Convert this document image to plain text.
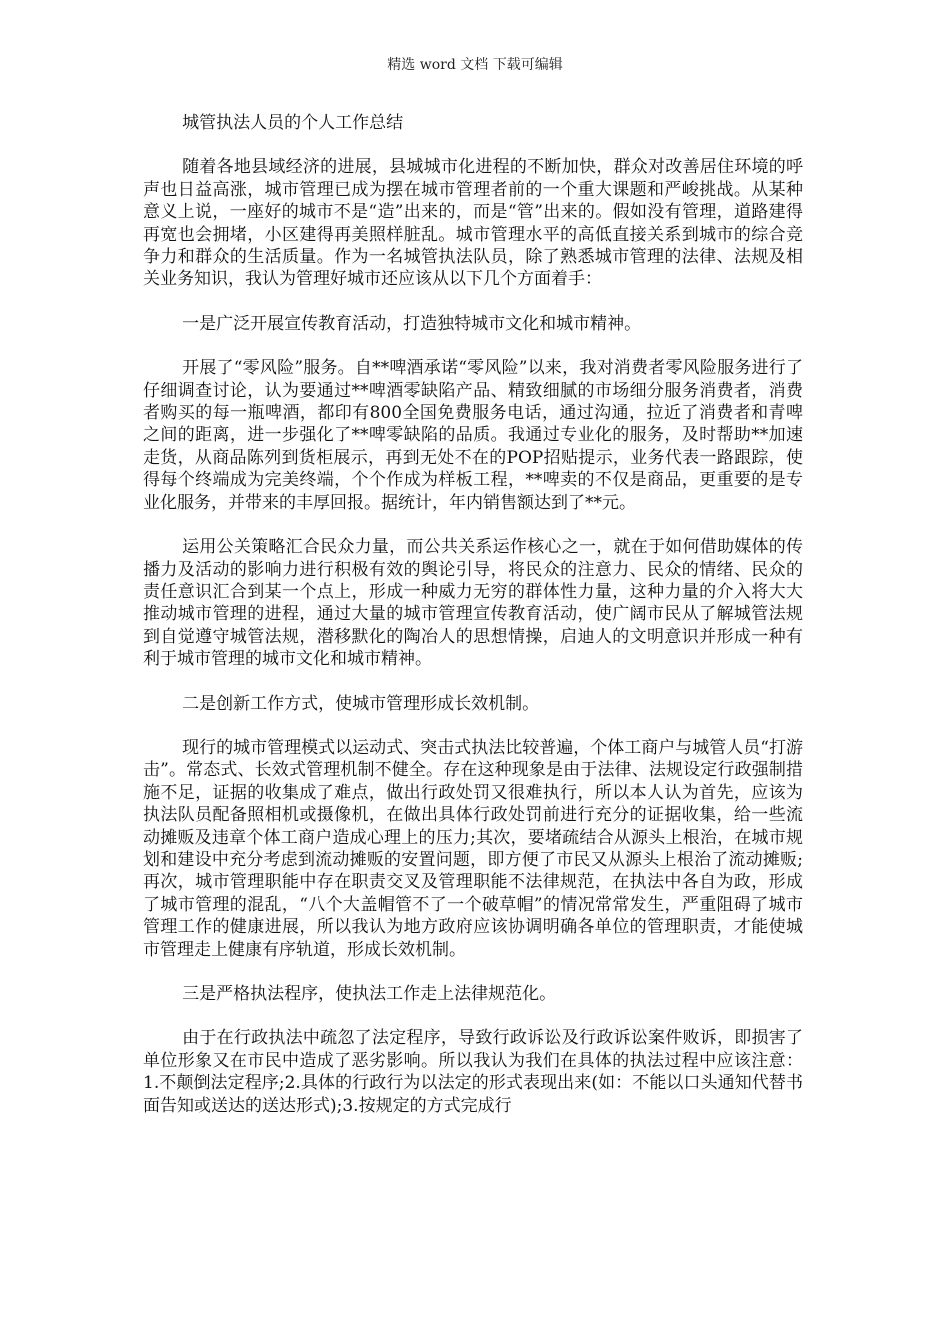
精选 word 文档 下载可编辑

城管执法人员的个人工作总结

随着各地县域经济的进展，县城城市化进程的不断加快，群众对改善居住环境的呼声也日益高涨，城市管理已成为摆在城市管理者前的一个重大课题和严峻挑战。从某种意义上说，一座好的城市不是“造”出来的，而是“管”出来的。假如没有管理，道路建得再宽也会拥堵，小区建得再美照样脏乱。城市管理水平的高低直接关系到城市的综合竞争力和群众的生活质量。作为一名城管执法队员，除了熟悉城市管理的法律、法规及相关业务知识，我认为管理好城市还应该从以下几个方面着手：

一是广泛开展宣传教育活动，打造独特城市文化和城市精神。

开展了“零风险”服务。自**啤酒承诺“零风险”以来，我对消费者零风险服务进行了仔细调查讨论，认为要通过**啤酒零缺陷产品、精致细腻的市场细分服务消费者，消费者购买的每一瓶啤酒，都印有800全国免费服务电话，通过沟通，拉近了消费者和青啤之间的距离，进一步强化了**啤零缺陷的品质。我通过专业化的服务，及时帮助**加速走货，从商品陈列到货柜展示，再到无处不在的POP招贴提示，业务代表一路跟踪，使得每个终端成为完美终端，个个作成为样板工程，**啤卖的不仅是商品，更重要的是专业化服务，并带来的丰厚回报。据统计，年内销售额达到了**元。

运用公关策略汇合民众力量，而公共关系运作核心之一，就在于如何借助媒体的传播力及活动的影响力进行积极有效的舆论引导，将民众的注意力、民众的情绪、民众的责任意识汇合到某一个点上，形成一种威力无穷的群体性力量，这种力量的介入将大大推动城市管理的进程，通过大量的城市管理宣传教育活动，使广阔市民从了解城管法规到自觉遵守城管法规，潜移默化的陶冶人的思想情操，启迪人的文明意识并形成一种有利于城市管理的城市文化和城市精神。

二是创新工作方式，使城市管理形成长效机制。

现行的城市管理模式以运动式、突击式执法比较普遍，个体工商户与城管人员“打游击”。常态式、长效式管理机制不健全。存在这种现象是由于法律、法规设定行政强制措施不足，证据的收集成了难点，做出行政处罚又很难执行，所以本人认为首先，应该为执法队员配备照相机或摄像机，在做出具体行政处罚前进行充分的证据收集，给一些流动摊贩及违章个体工商户造成心理上的压力;其次，要堵疏结合从源头上根治，在城市规划和建设中充分考虑到流动摊贩的安置问题，即方便了市民又从源头上根治了流动摊贩;再次，城市管理职能中存在职责交叉及管理职能不法律规范，在执法中各自为政，形成了城市管理的混乱，“八个大盖帽管不了一个破草帽”的情况常常发生，严重阻碍了城市管理工作的健康进展，所以我认为地方政府应该协调明确各单位的管理职责，才能使城市管理走上健康有序轨道，形成长效机制。

三是严格执法程序，使执法工作走上法律规范化。

由于在行政执法中疏忽了法定程序，导致行政诉讼及行政诉讼案件败诉，即损害了单位形象又在市民中造成了恶劣影响。所以我认为我们在具体的执法过程中应该注意：1.不颠倒法定程序;2.具体的行政行为以法定的形式表现出来(如：不能以口头通知代替书面告知或送达的送达形式);3.按规定的方式完成行
